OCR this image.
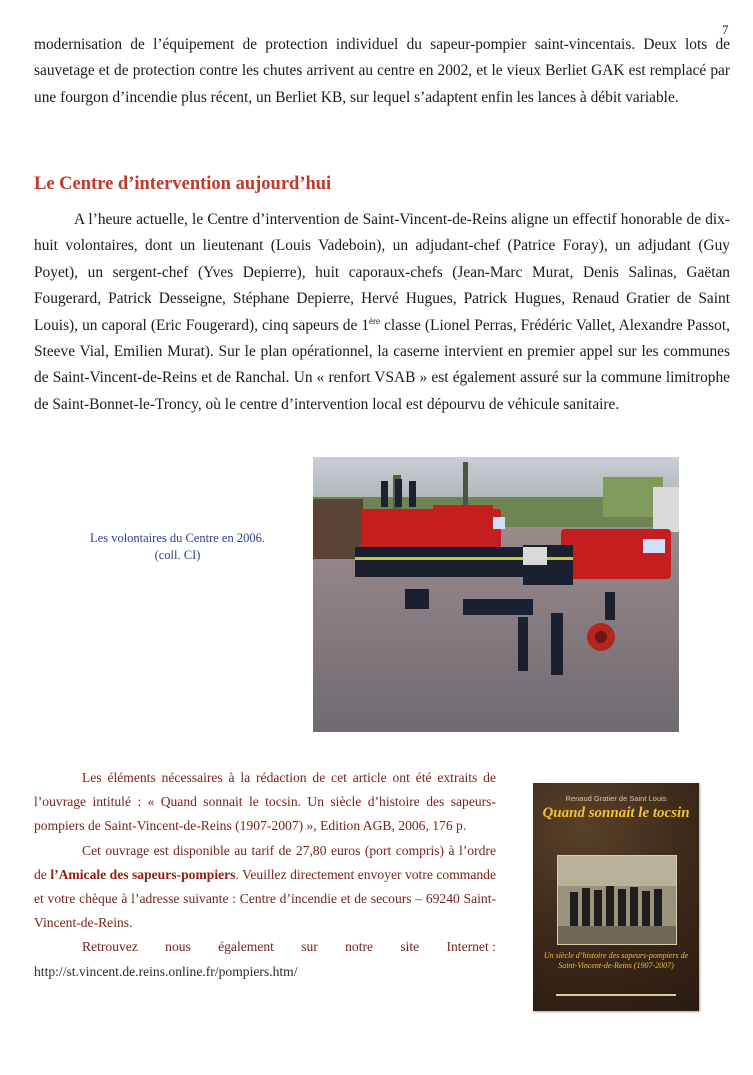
7

modernisation de l’équipement de protection individuel du sapeur-pompier saint-vincentais. Deux lots de sauvetage et de protection contre les chutes arrivent au centre en 2002, et le vieux Berliet GAK est remplacé par une fourgon d’incendie plus récent, un Berliet KB, sur lequel s’adaptent enfin les lances à débit variable.

Le Centre d’intervention aujourd’hui

A l’heure actuelle, le Centre d’intervention de Saint-Vincent-de-Reins aligne un effectif honorable de dix-huit volontaires, dont un lieutenant (Louis Vadeboin), un adjudant-chef (Patrice Foray), un adjudant (Guy Poyet), un sergent-chef (Yves Depierre), huit caporaux-chefs (Jean-Marc Murat, Denis Salinas, Gaëtan Fougerard, Patrick Desseigne, Stéphane Depierre, Hervé Hugues, Patrick Hugues, Renaud Gratier de Saint Louis), un caporal (Eric Fougerard), cinq sapeurs de 1ère classe (Lionel Perras, Frédéric Vallet, Alexandre Passot, Steeve Vial, Emilien Murat). Sur le plan opérationnel, la caserne intervient en premier appel sur les communes de Saint-Vincent-de-Reins et de Ranchal. Un « renfort VSAB » est également assuré sur la commune limitrophe de Saint-Bonnet-le-Troncy, où le centre d’intervention local est dépourvu de véhicule sanitaire.

Les volontaires du Centre en 2006.
(coll. CI)

Les éléments nécessaires à la rédaction de cet article ont été extraits de l’ouvrage intitulé : « Quand sonnait le tocsin. Un siècle d’histoire des sapeurs-pompiers de Saint-Vincent-de-Reins (1907-2007) », Edition AGB, 2006, 176 p.

Cet ouvrage est disponible au tarif de 27,80 euros (port compris) à l’ordre de l’Amicale des sapeurs-pompiers. Veuillez directement envoyer votre commande et votre chèque à l’adresse suivante : Centre d’incendie et de secours – 69240 Saint-Vincent-de-Reins.

Retrouvez nous également sur notre site Internet :

http://st.vincent.de.reins.online.fr/pompiers.htm/

Renaud Gratier de Saint Louis
Quand sonnait le tocsin
Un siècle d’histoire des sapeurs-pompiers de Saint-Vincent-de-Reins (1907-2007)
